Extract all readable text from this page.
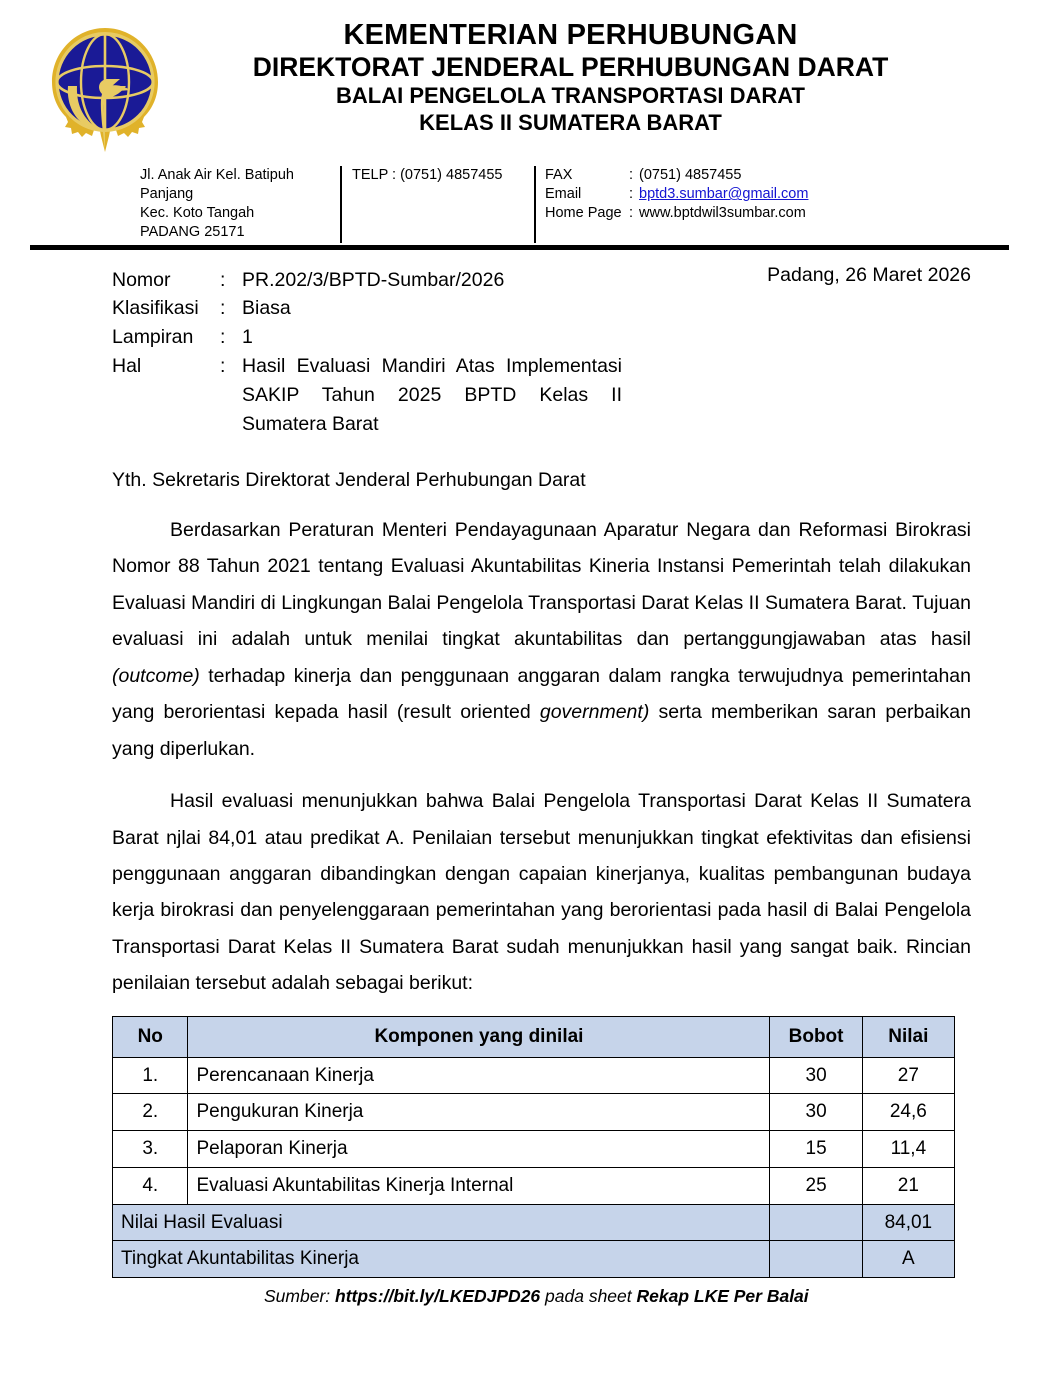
KEMENTERIAN PERHUBUNGAN
DIREKTORAT JENDERAL PERHUBUNGAN DARAT
BALAI PENGELOLA TRANSPORTASI DARAT
KELAS II SUMATERA BARAT
Jl. Anak Air Kel. Batipuh Panjang
Kec. Koto Tangah
PADANG 25171
TELP : (0751) 4857455	FAX	: (0751) 4857455
Email	: bptd3.sumbar@gmail.com
Home Page : www.bptdwil3sumbar.com
Padang, 26 Maret 2026
Nomor	: PR.202/3/BPTD-Sumbar/2026
Klasifikasi	: Biasa
Lampiran	: 1
Hal	: Hasil Evaluasi Mandiri Atas Implementasi SAKIP Tahun 2025 BPTD Kelas II Sumatera Barat
Yth. Sekretaris Direktorat Jenderal Perhubungan Darat

Berdasarkan Peraturan Menteri Pendayagunaan Aparatur Negara dan Reformasi Birokrasi Nomor 88 Tahun 2021 tentang Evaluasi Akuntabilitas Kineria Instansi Pemerintah telah dilakukan Evaluasi Mandiri di Lingkungan Balai Pengelola Transportasi Darat Kelas II Sumatera Barat. Tujuan evaluasi ini adalah untuk menilai tingkat akuntabilitas dan pertanggungjawaban atas hasil (outcome) terhadap kinerja dan penggunaan anggaran dalam rangka terwujudnya pemerintahan yang berorientasi kepada hasil (result oriented government) serta memberikan saran perbaikan yang diperlukan.

Hasil evaluasi menunjukkan bahwa Balai Pengelola Transportasi Darat Kelas II Sumatera Barat njlai 84,01 atau predikat A. Penilaian tersebut menunjukkan tingkat efektivitas dan efisiensi penggunaan anggaran dibandingkan dengan capaian kinerjanya, kualitas pembangunan budaya kerja birokrasi dan penyelenggaraan pemerintahan yang berorientasi pada hasil di Balai Pengelola Transportasi Darat Kelas II Sumatera Barat sudah menunjukkan hasil yang sangat baik. Rincian penilaian tersebut adalah sebagai berikut:

No	Komponen yang dinilai	Bobot	Nilai
1.	Perencanaan Kinerja	30	27
2.	Pengukuran Kinerja	30	24,6
3.	Pelaporan Kinerja	15	11,4
4.	Evaluasi Akuntabilitas Kinerja Internal	25	21
Nilai Hasil Evaluasi			84,01
Tingkat Akuntabilitas Kinerja			A
Sumber: https://bit.ly/LKEDJPD26 pada sheet Rekap LKE Per Balai
